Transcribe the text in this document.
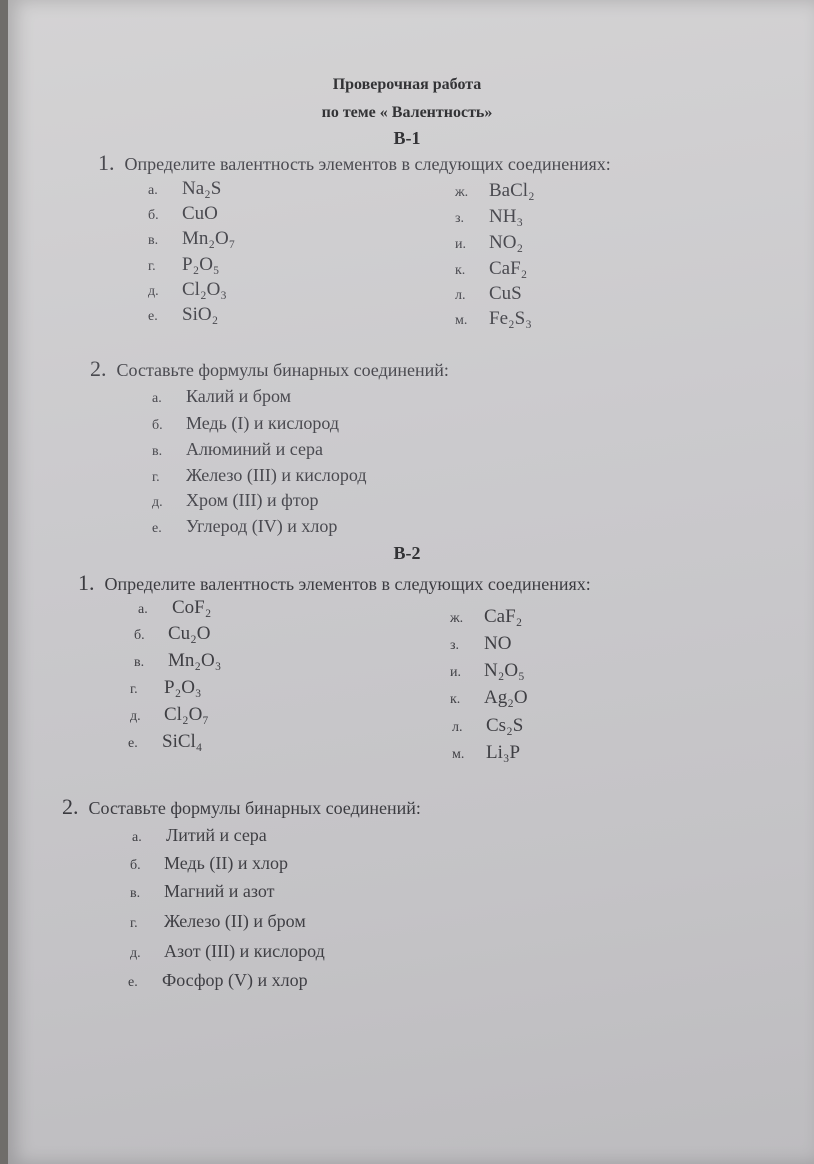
Проверочная работа
по теме « Валентность»
В-1
1. Определите валентность элементов в следующих соединениях:
а. Na₂S
б. CuO
в. Mn₂O₇
г. P₂O₅
д. Cl₂O₃
е. SiO₂
ж. BaCl₂
з. NH₃
и. NO₂
к. CaF₂
л. CuS
м. Fe₂S₃
2. Составьте формулы бинарных соединений:
а. Калий и бром
б. Медь (I) и кислород
в. Алюминий и сера
г. Железо (III) и кислород
д. Хром (III) и фтор
е. Углерод (IV) и хлор
В-2
1. Определите валентность элементов в следующих соединениях:
а. CoF₂
б. Cu₂O
в. Mn₂O₃
г. P₂O₃
д. Cl₂O₇
е. SiCl₄
ж. CaF₂
з. NO
и. N₂O₅
к. Ag₂O
л. Cs₂S
м. Li₃P
2. Составьте формулы бинарных соединений:
а. Литий и сера
б. Медь (II) и хлор
в. Магний и азот
г. Железо (II) и бром
д. Азот (III) и кислород
е. Фосфор (V) и хлор
